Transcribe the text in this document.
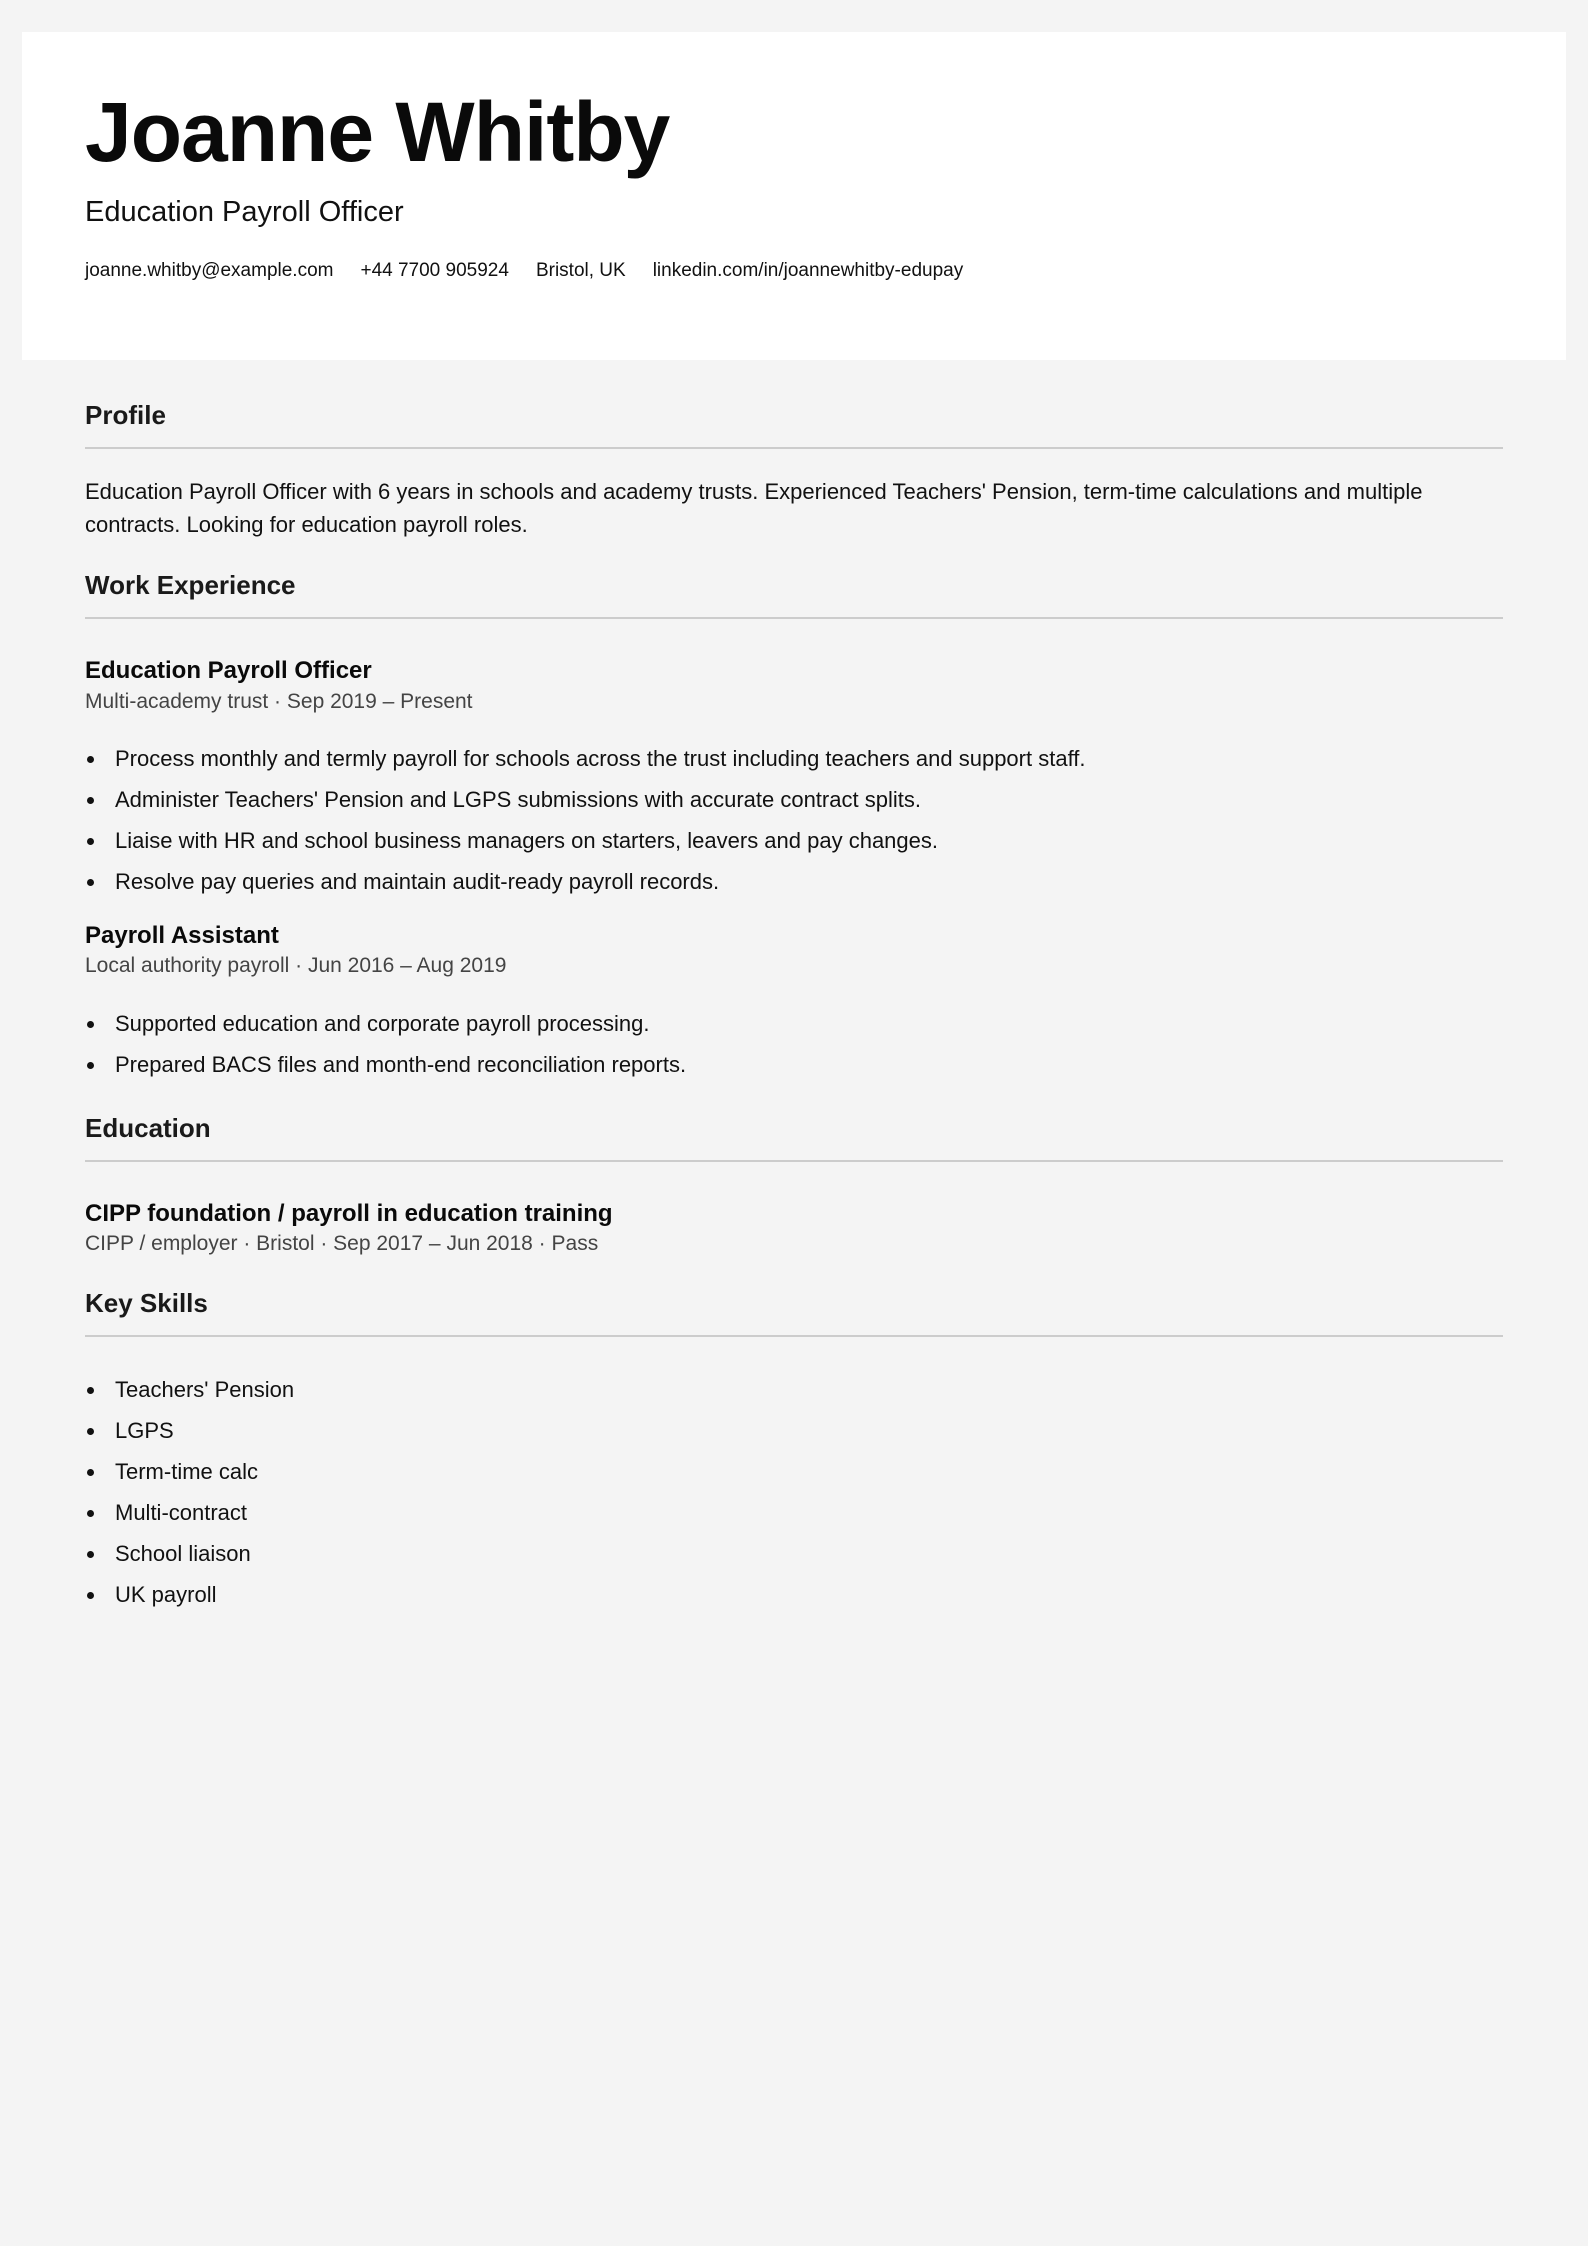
Joanne Whitby
Education Payroll Officer
joanne.whitby@example.com +44 7700 905924 Bristol, UK linkedin.com/in/joannewhitby-edupay
Profile

Education Payroll Officer with 6 years in schools and academy trusts. Experienced Teachers' Pension, term-time calculations and multiple contracts. Looking for education payroll roles.

Work Experience
Education Payroll Officer
Multi-academy trust · Sep 2019 – Present
Process monthly and termly payroll for schools across the trust including teachers and support staff.
Administer Teachers' Pension and LGPS submissions with accurate contract splits.
Liaise with HR and school business managers on starters, leavers and pay changes.
Resolve pay queries and maintain audit-ready payroll records.
Payroll Assistant
Local authority payroll · Jun 2016 – Aug 2019
Supported education and corporate payroll processing.
Prepared BACS files and month-end reconciliation reports.
Education
CIPP foundation / payroll in education training
CIPP / employer · Bristol · Sep 2017 – Jun 2018 · Pass
Key Skills
Teachers' Pension
LGPS
Term-time calc
Multi-contract
School liaison
UK payroll
